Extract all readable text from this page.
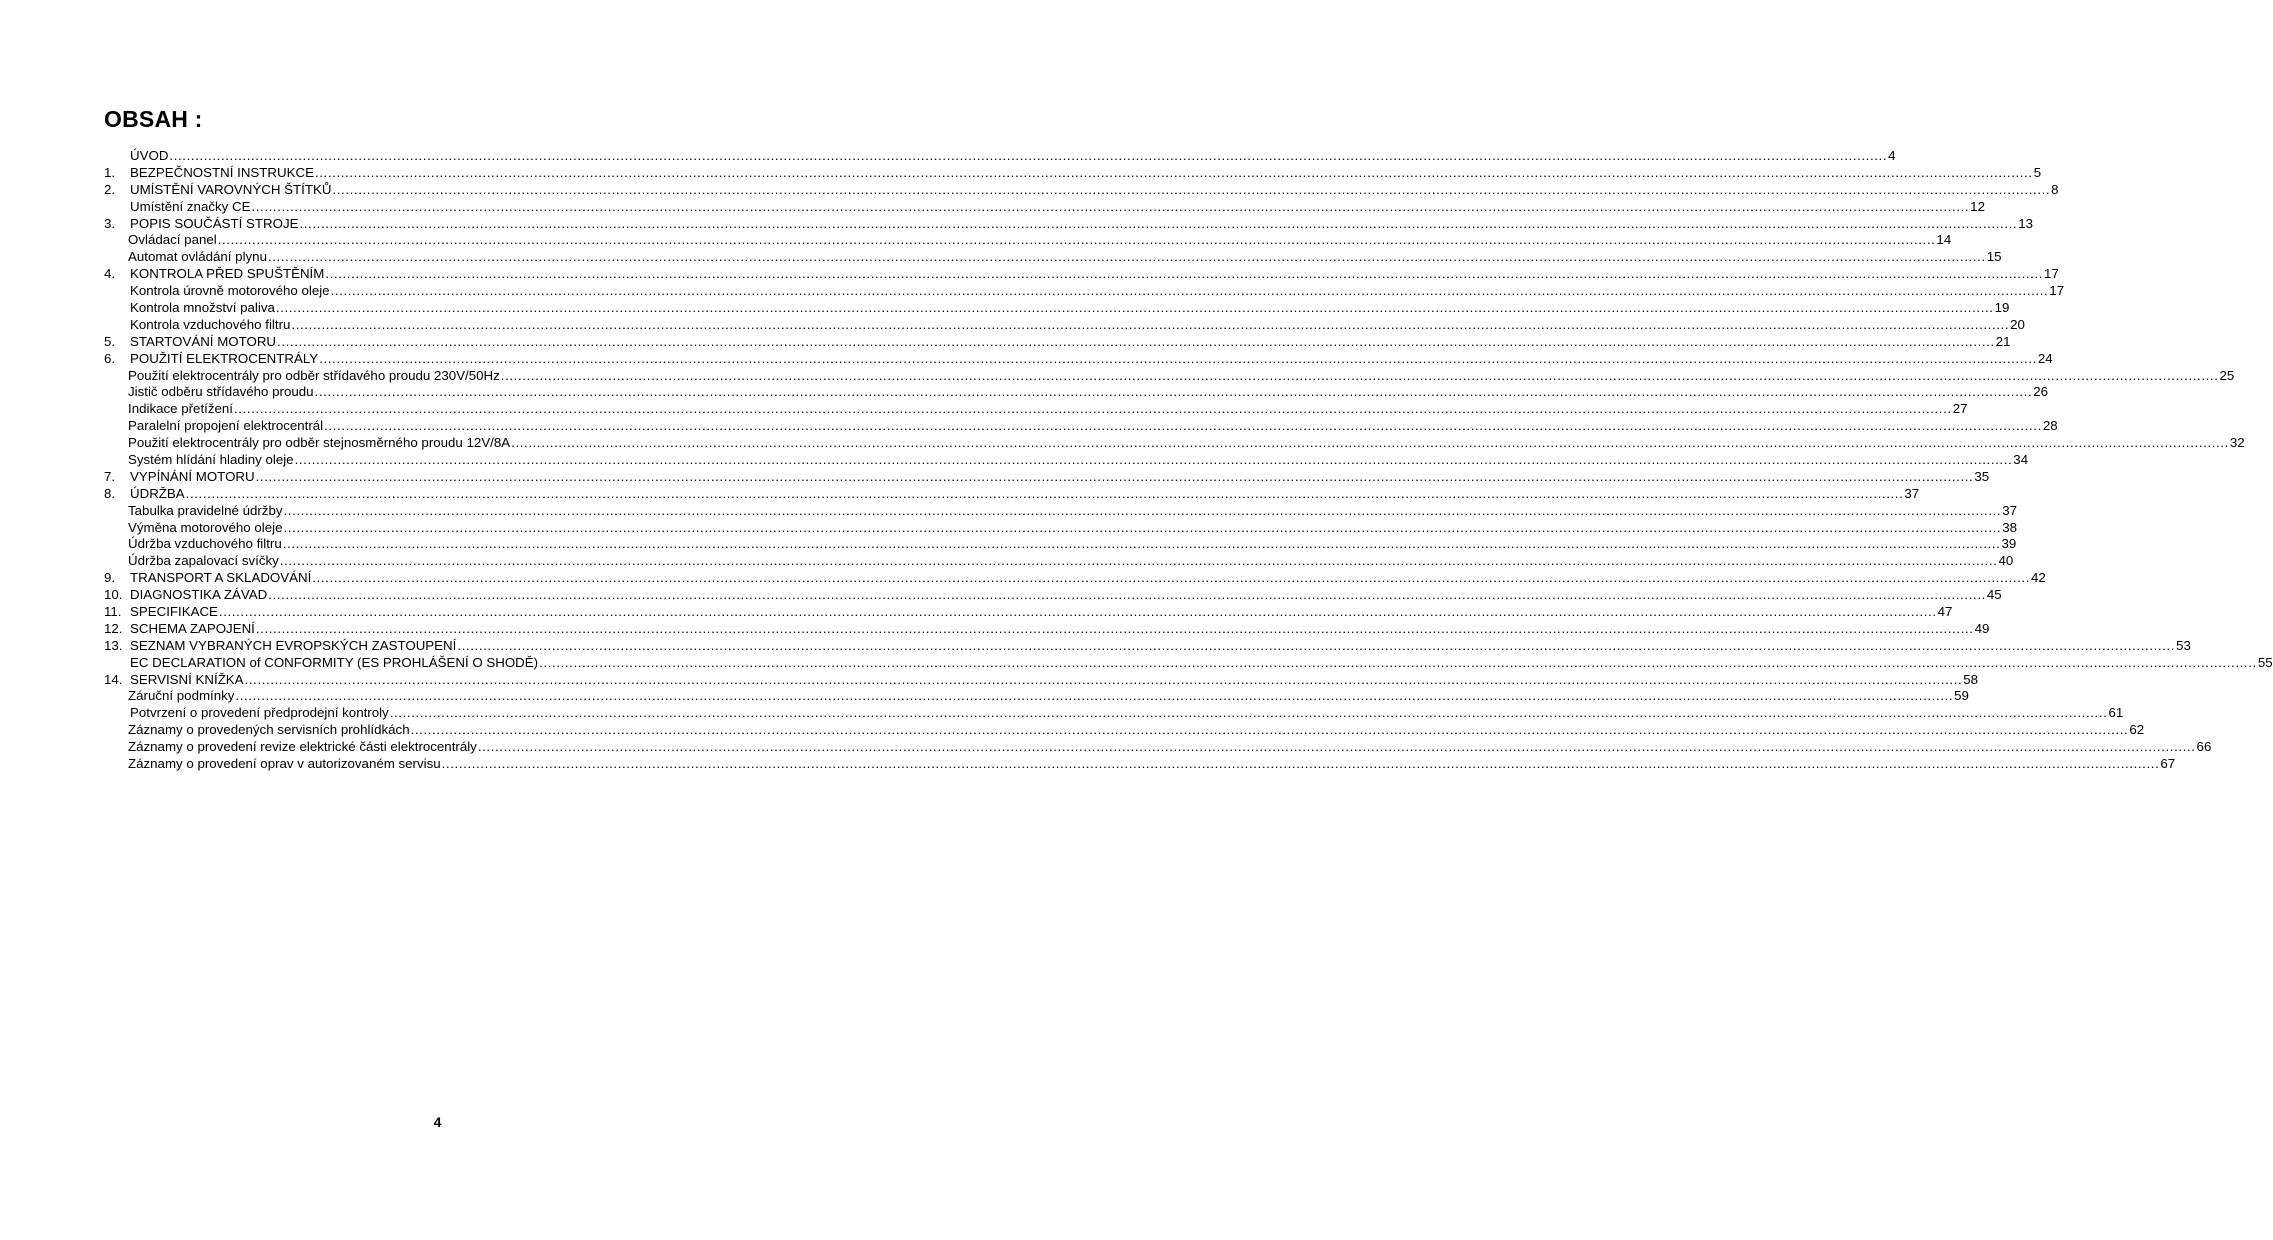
OBSAH :
ÚVOD ................................................................................................................................................................................................................................................................................................................................................................................................................ 4
1.	BEZPEČNOSTNÍ INSTRUKCE ................................................................................................................................................................................................................................................................................................................................................................................................................ 5
2.	UMÍSTĚNÍ VAROVNÝCH ŠTÍTKŮ ................................................................................................................................................................................................................................................................................................................................................................................................................ 8
Umístění značky CE ................................................................................................................................................................................................................................................................................................................................................................................................................ 12
3.	POPIS SOUČÁSTÍ STROJE ................................................................................................................................................................................................................................................................................................................................................................................................................ 13
Ovládací panel ................................................................................................................................................................................................................................................................................................................................................................................................................ 14
Automat ovládání plynu ................................................................................................................................................................................................................................................................................................................................................................................................................ 15
4.	KONTROLA PŘED SPUŠTĚNÍM ................................................................................................................................................................................................................................................................................................................................................................................................................ 17
Kontrola úrovně motorového oleje ................................................................................................................................................................................................................................................................................................................................................................................................................ 17
Kontrola množství paliva ................................................................................................................................................................................................................................................................................................................................................................................................................ 19
Kontrola vzduchového filtru ................................................................................................................................................................................................................................................................................................................................................................................................................ 20
5.	STARTOVÁNÍ MOTORU ................................................................................................................................................................................................................................................................................................................................................................................................................ 21
6.	POUŽITÍ ELEKTROCENTRÁLY ................................................................................................................................................................................................................................................................................................................................................................................................................ 24
Použití elektrocentrály pro odběr střídavého proudu 230V/50Hz ................................................................................................................................................................................................................................................................................................................................................................................................................ 25
Jistič odběru střídavého proudu ................................................................................................................................................................................................................................................................................................................................................................................................................ 26
Indikace přetížení ................................................................................................................................................................................................................................................................................................................................................................................................................ 27
Paralelní propojení elektrocentrál ................................................................................................................................................................................................................................................................................................................................................................................................................ 28
Použití elektrocentrály pro odběr stejnosměrného proudu 12V/8A ................................................................................................................................................................................................................................................................................................................................................................................................................ 32
Systém hlídání hladiny oleje ................................................................................................................................................................................................................................................................................................................................................................................................................ 34
7.	VYPÍNÁNÍ MOTORU ................................................................................................................................................................................................................................................................................................................................................................................................................ 35
8.	ÚDRŽBA ................................................................................................................................................................................................................................................................................................................................................................................................................ 37
Tabulka pravidelné údržby ................................................................................................................................................................................................................................................................................................................................................................................................................ 37
Výměna motorového oleje ................................................................................................................................................................................................................................................................................................................................................................................................................ 38
Údržba vzduchového filtru ................................................................................................................................................................................................................................................................................................................................................................................................................ 39
Údržba zapalovací svíčky ................................................................................................................................................................................................................................................................................................................................................................................................................ 40
9.	TRANSPORT A SKLADOVÁNÍ ................................................................................................................................................................................................................................................................................................................................................................................................................ 42
10. DIAGNOSTIKA ZÁVAD ................................................................................................................................................................................................................................................................................................................................................................................................................ 45
11. SPECIFIKACE ................................................................................................................................................................................................................................................................................................................................................................................................................ 47
12. SCHEMA ZAPOJENÍ ................................................................................................................................................................................................................................................................................................................................................................................................................ 49
13. SEZNAM VYBRANÝCH EVROPSKÝCH ZASTOUPENÍ ................................................................................................................................................................................................................................................................................................................................................................................................................ 53
EC DECLARATION of CONFORMITY (ES PROHLÁŠENÍ O SHODĚ) ................................................................................................................................................................................................................................................................................................................................................................................................................ 55
14. SERVISNÍ KNÍŽKA ................................................................................................................................................................................................................................................................................................................................................................................................................ 58
Záruční podmínky ................................................................................................................................................................................................................................................................................................................................................................................................................ 59
Potvrzení o provedení předprodejní kontroly ................................................................................................................................................................................................................................................................................................................................................................................................................ 61
Záznamy o provedených servisních prohlídkách ................................................................................................................................................................................................................................................................................................................................................................................................................ 62
Záznamy o provedení revize elektrické části elektrocentrály ................................................................................................................................................................................................................................................................................................................................................................................................................ 66
Záznamy o provedení oprav v autorizovaném servisu ................................................................................................................................................................................................................................................................................................................................................................................................................ 67
4
